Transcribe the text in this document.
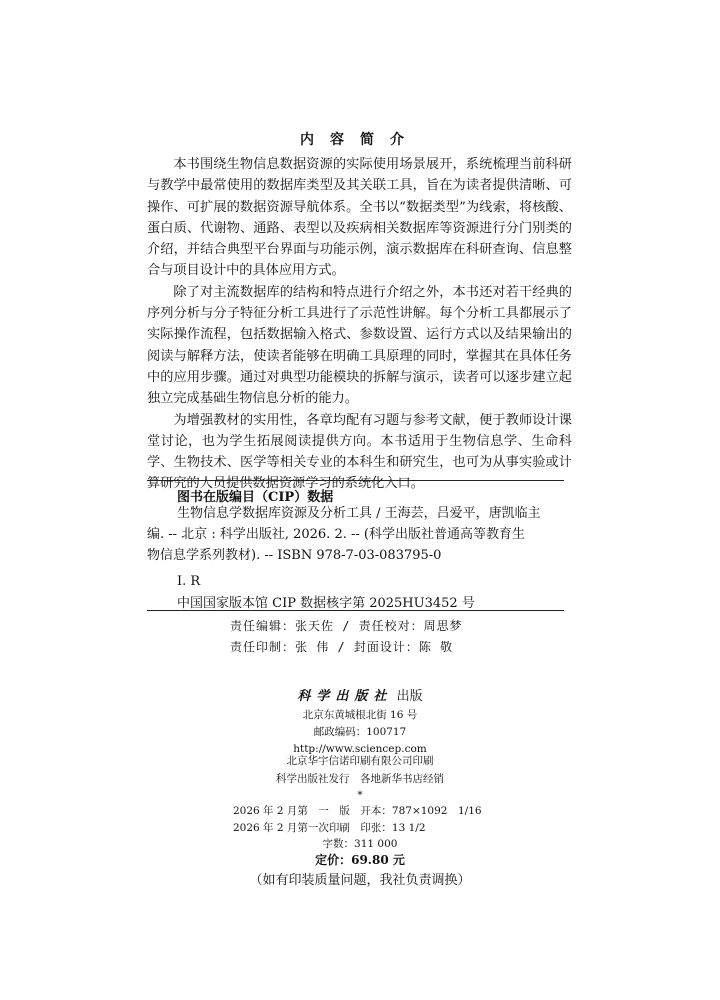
内容简介

本书围绕生物信息数据资源的实际使用场景展开，系统梳理当前科研与教学中最常使用的数据库类型及其关联工具，旨在为读者提供清晰、可操作、可扩展的数据资源导航体系。全书以“数据类型”为线索，将核酸、蛋白质、代谢物、通路、表型以及疾病相关数据库等资源进行分门别类的介绍，并结合典型平台界面与功能示例，演示数据库在科研查询、信息整合与项目设计中的具体应用方式。

除了对主流数据库的结构和特点进行介绍之外，本书还对若干经典的序列分析与分子特征分析工具进行了示范性讲解。每个分析工具都展示了实际操作流程，包括数据输入格式、参数设置、运行方式以及结果输出的阅读与解释方法，使读者能够在明确工具原理的同时，掌握其在具体任务中的应用步骤。通过对典型功能模块的拆解与演示，读者可以逐步建立起独立完成基础生物信息分析的能力。

为增强教材的实用性，各章均配有习题与参考文献，便于教师设计课堂讨论，也为学生拓展阅读提供方向。本书适用于生物信息学、生命科学、生物技术、医学等相关专业的本科生和研究生，也可为从事实验或计算研究的人员提供数据资源学习的系统化入口。

图书在版编目（CIP）数据
生物信息学数据库资源及分析工具 / 王海芸，吕爱平，唐凯临主
编. -- 北京 : 科学出版社, 2026. 2. -- (科学出版社普通高等教育生
物信息学系列教材). -- ISBN 978-7-03-083795-0
Ⅰ. R
中国国家版本馆 CIP 数据核字第 2025HU3452 号
责任编辑：张天佐 / 责任校对：周思梦
责任印制：张 伟 / 封面设计：陈 敬
科学出版社 出版
北京东黄城根北街 16 号
邮政编码：100717
http://www.sciencep.com
北京华宇信诺印刷有限公司印刷
科学出版社发行　各地新华书店经销
*
2026 年 2 月第　一　版　开本：787×1092　1/16
2026 年 2 月第一次印刷　印张：13 1/2
字数：311 000
定价：69.80 元
（如有印装质量问题，我社负责调换）
